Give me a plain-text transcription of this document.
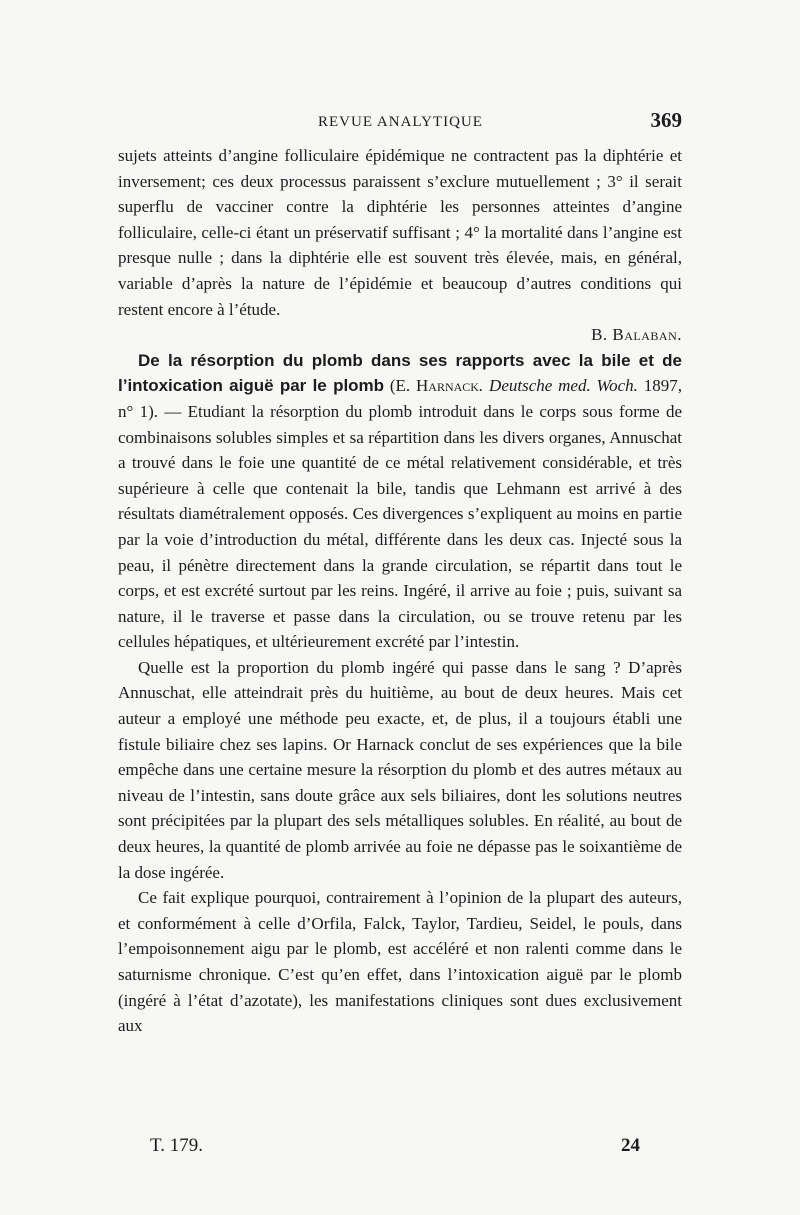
REVUE ANALYTIQUE	369

sujets atteints d’angine folliculaire épidémique ne contractent pas la diphtérie et inversement; ces deux processus paraissent s’exclure mutuellement ; 3° il serait superflu de vacciner contre la diphtérie les personnes atteintes d’angine folliculaire, celle-ci étant un préservatif suffisant ; 4° la mortalité dans l’angine est presque nulle ; dans la diphtérie elle est souvent très élevée, mais, en général, variable d’après la nature de l’épidémie et beaucoup d’autres conditions qui restent encore à l’étude.

B. Balaban.

De la résorption du plomb dans ses rapports avec la bile et de l’intoxication aiguë par le plomb (E. Harnack. Deutsche med. Woch. 1897, n° 1). — Etudiant la résorption du plomb introduit dans le corps sous forme de combinaisons solubles simples et sa répartition dans les divers organes, Annuschat a trouvé dans le foie une quantité de ce métal relativement considérable, et très supérieure à celle que contenait la bile, tandis que Lehmann est arrivé à des résultats diamétralement opposés. Ces divergences s’expliquent au moins en partie par la voie d’introduction du métal, différente dans les deux cas. Injecté sous la peau, il pénètre directement dans la grande circulation, se répartit dans tout le corps, et est excrété surtout par les reins. Ingéré, il arrive au foie ; puis, suivant sa nature, il le traverse et passe dans la circulation, ou se trouve retenu par les cellules hépatiques, et ultérieurement excrété par l’intestin.

Quelle est la proportion du plomb ingéré qui passe dans le sang ? D’après Annuschat, elle atteindrait près du huitième, au bout de deux heures. Mais cet auteur a employé une méthode peu exacte, et, de plus, il a toujours établi une fistule biliaire chez ses lapins. Or Harnack conclut de ses expériences que la bile empêche dans une certaine mesure la résorption du plomb et des autres métaux au niveau de l’intestin, sans doute grâce aux sels biliaires, dont les solutions neutres sont précipitées par la plupart des sels métalliques solubles. En réalité, au bout de deux heures, la quantité de plomb arrivée au foie ne dépasse pas le soixantième de la dose ingérée.

Ce fait explique pourquoi, contrairement à l’opinion de la plupart des auteurs, et conformément à celle d’Orfila, Falck, Taylor, Tardieu, Seidel, le pouls, dans l’empoisonnement aigu par le plomb, est accéléré et non ralenti comme dans le saturnisme chronique. C’est qu’en effet, dans l’intoxication aiguë par le plomb (ingéré à l’état d’azotate), les manifestations cliniques sont dues exclusivement aux

T. 179.	24
